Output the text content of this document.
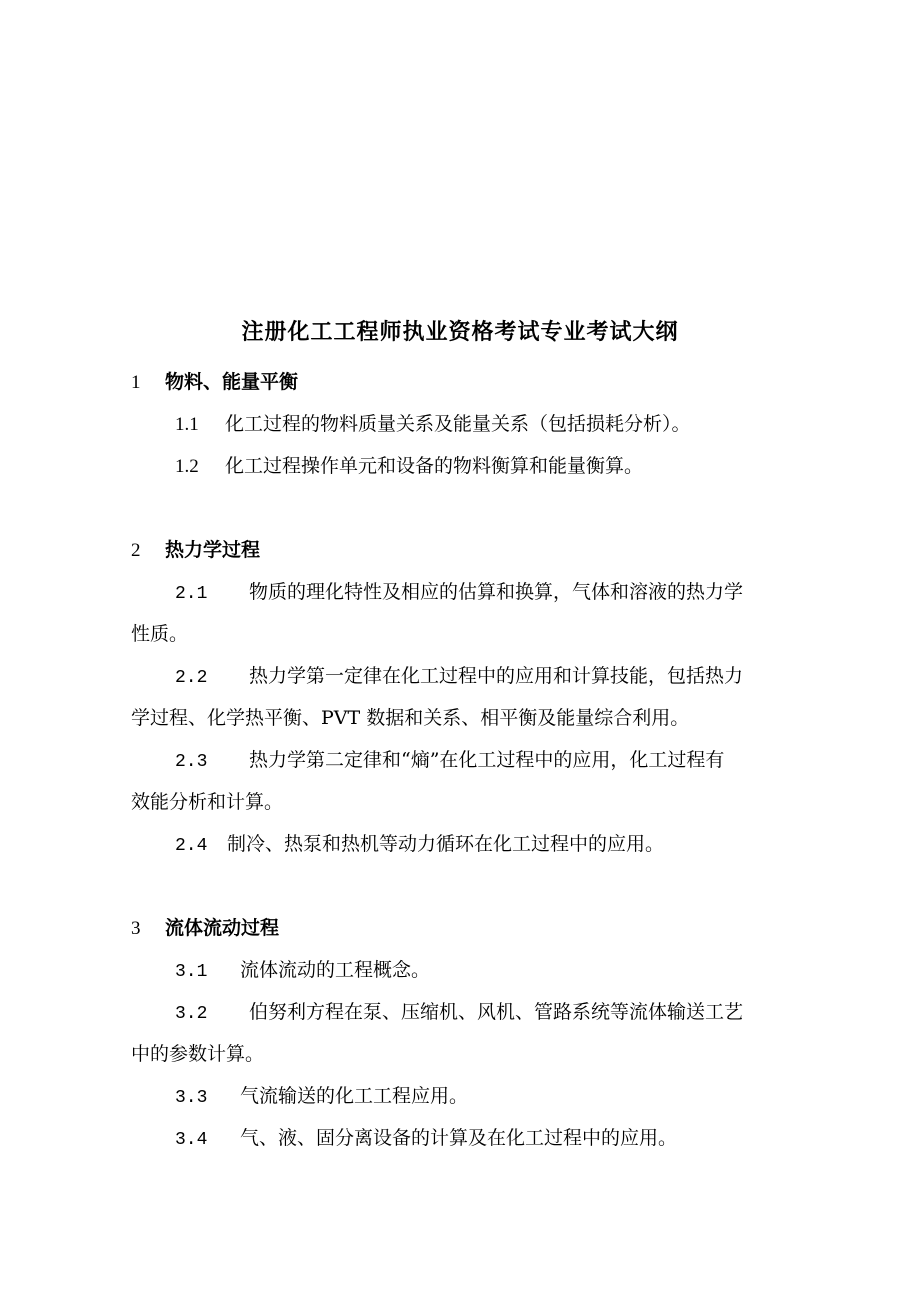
注册化工工程师执业资格考试专业考试大纲
1 物料、能量平衡
1.1 化工过程的物料质量关系及能量关系（包括损耗分析）。
1.2 化工过程操作单元和设备的物料衡算和能量衡算。
2 热力学过程
2.1 物质的理化特性及相应的估算和换算，气体和溶液的热力学
性质。
2.2 热力学第一定律在化工过程中的应用和计算技能，包括热力
学过程、化学热平衡、PVT 数据和关系、相平衡及能量综合利用。
2.3 热力学第二定律和“熵”在化工过程中的应用，化工过程有
效能分析和计算。
2.4 制冷、热泵和热机等动力循环在化工过程中的应用。
3 流体流动过程
3.1 流体流动的工程概念。
3.2 伯努利方程在泵、压缩机、风机、管路系统等流体输送工艺
中的参数计算。
3.3 气流输送的化工工程应用。
3.4 气、液、固分离设备的计算及在化工过程中的应用。
